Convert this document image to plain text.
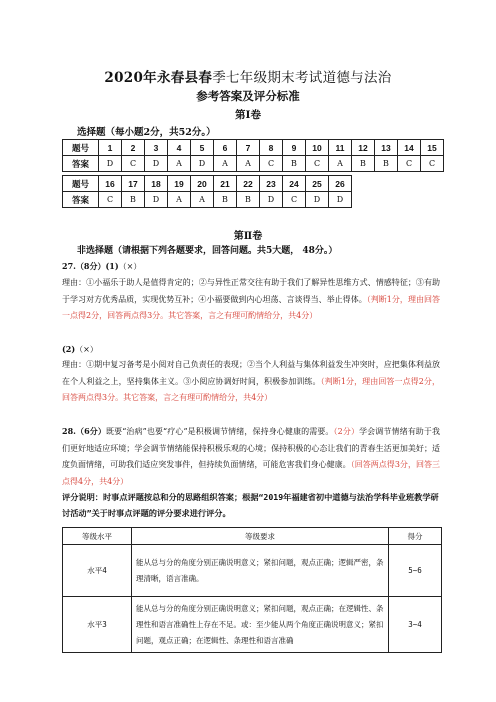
2020年永春县春季七年级期末考试道德与法治
参考答案及评分标准
第Ⅰ卷
选择题（每小题2分，共52分。）
题号	1	2	3	4	5	6	7	8	9	10	11	12	13	14	15
答案	D	C	D	A	D	A	A	C	B	C	A	B	B	C	C
题号	16	17	18	19	20	21	22	23	24	25	26
答案	C	B	D	A	A	B	B	D	C	D	D
第Ⅱ卷
非选择题（请根据下列各题要求，回答问题。共5大题， 48分。）
27.（8分）(1)（×）
理由：①小福乐于助人是值得肯定的；②与异性正常交往有助于我们了解异性思维方式、情感特征；③有助于学习对方优秀品质，实现优势互补；④小福要做到内心坦荡、言谈得当、举止得体。（判断1分，理由回答一点得2分，回答两点得3分。其它答案，言之有理可酌情给分，共4分）
(2)（×）
理由：①期中复习备考是小阅对自己负责任的表现；②当个人利益与集体利益发生冲突时，应把集体利益放在个人利益之上，坚持集体主义。③小阅应协调好时间，积极参加训练。（判断1分，理由回答一点得2分，回答两点得3分。其它答案，言之有理可酌情给分，共4分）
28.（6分）既要“治病”也要“疗心”是积极调节情绪，保持身心健康的需要。（2分）学会调节情绪有助于我们更好地适应环境；学会调节情绪能保持积极乐观的心境；保持积极的心态让我们的青春生活更加美好；适度负面情绪，可助我们适应突发事件，但持续负面情绪，可能危害我们身心健康。（回答两点得3分，回答三点得4分，共4分）
评分说明：时事点评题按总和分的思路组织答案；根据“2019年福建省初中道德与法治学科毕业班教学研讨活动”关于时事点评题的评分要求进行评分。
等级水平	等级要求	得分
水平4	能从总与分的角度分别正确说明意义；紧扣问题，观点正确；逻辑严密，条理清晰，语言准确。	5~6
水平3	能从总与分的角度分别正确说明意义；紧扣问题，观点正确；在逻辑性、条理性和语言准确性上存在不足。或：至少能从两个角度正确说明意义；紧扣问题，观点正确；在逻辑性、条理性和语言准确	3~4
